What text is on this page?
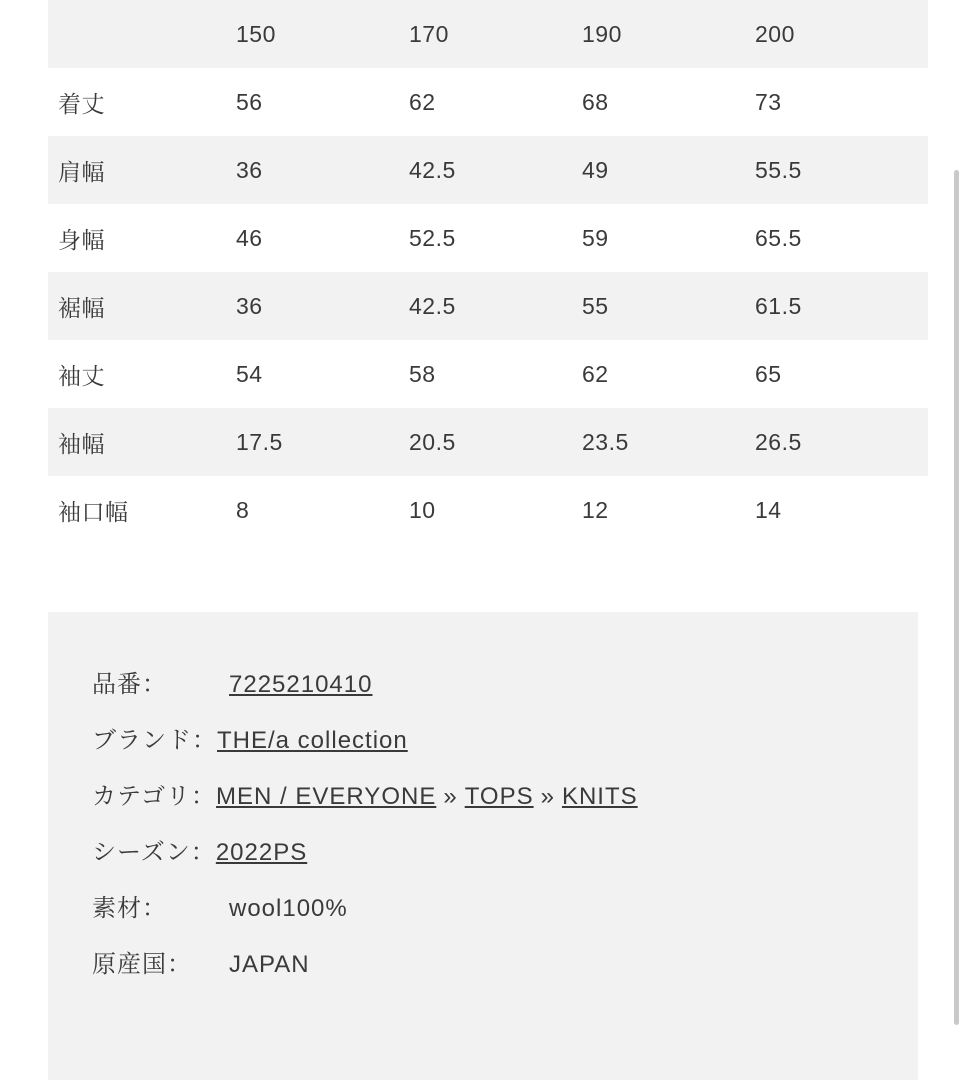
	150	170	190	200
着丈	56	62	68	73
肩幅	36	42.5	49	55.5
身幅	46	52.5	59	65.5
裾幅	36	42.5	55	61.5
袖丈	54	58	62	65
袖幅	17.5	20.5	23.5	26.5
袖口幅	8	10	12	14
品番：	7225210410
ブランド： THE/a collection
カテゴリ： MEN / EVERYONE » TOPS » KNITS
シーズン： 2022PS
素材：	wool100%
原産国：	JAPAN
